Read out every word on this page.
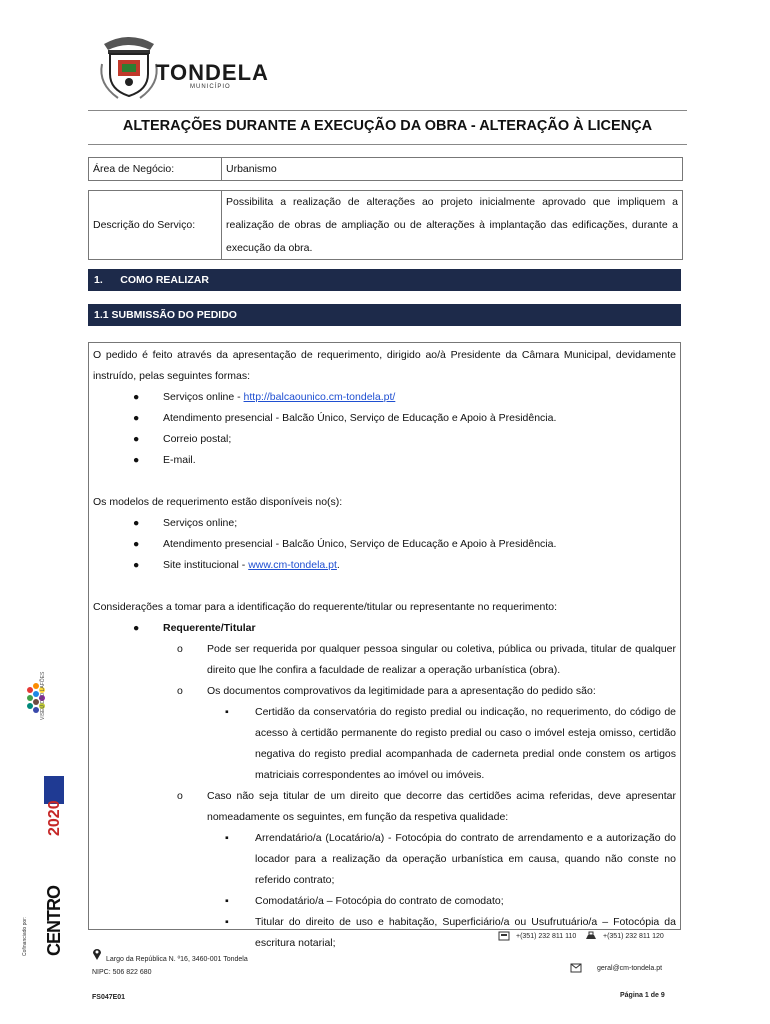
TONDELA
MUNICÍPIO
ALTERAÇÕES DURANTE A EXECUÇÃO DA OBRA - ALTERAÇÃO À LICENÇA
Área de Negócio:	Urbanismo
Descrição do Serviço:
Possibilita a realização de alterações ao projeto inicialmente aprovado que impliquem a realização de obras de ampliação ou de alterações à implantação das edificações, durante a execução da obra.
1.      COMO REALIZAR
1.1 SUBMISSÃO DO PEDIDO
O pedido é feito através da apresentação de requerimento, dirigido ao/à Presidente da Câmara Municipal, devidamente instruído, pelas seguintes formas:
●	Serviços online - http://balcaounico.cm-tondela.pt/
●	Atendimento presencial - Balcão Único, Serviço de Educação e Apoio à Presidência.
●	Correio postal;
●	E-mail.
Os modelos de requerimento estão disponíveis no(s):
●	Serviços online;
●	Atendimento presencial - Balcão Único, Serviço de Educação e Apoio à Presidência.
●	Site institucional - www.cm-tondela.pt.
Considerações a tomar para a identificação do requerente/titular ou representante no requerimento:
●	Requerente/Titular
o	Pode ser requerida por qualquer pessoa singular ou coletiva, pública ou privada, titular de qualquer direito que lhe confira a faculdade de realizar a operação urbanística (obra).
o	Os documentos comprovativos da legitimidade para a apresentação do pedido são:
▪	Certidão da conservatória do registo predial ou indicação, no requerimento, do código de acesso à certidão permanente do registo predial ou caso o imóvel esteja omisso, certidão negativa do registo predial acompanhada de caderneta predial onde constem os artigos matriciais correspondentes ao imóvel ou imóveis.
o	Caso não seja titular de um direito que decorre das certidões acima referidas, deve apresentar nomeadamente os seguintes, em função da respetiva qualidade:
▪	Arrendatário/a (Locatário/a) - Fotocópia do contrato de arrendamento e a autorização do locador para a realização da operação urbanística em causa, quando não conste no referido contrato;
▪	Comodatário/a – Fotocópia do contrato de comodato;
▪	Titular do direito de uso e habitação, Superficiário/a ou Usufrutuário/a – Fotocópia da escritura notarial;
VISEU DÃO LAFÕES
2020
CENTRO
Cofinanciado por:	+(351) 232 811 110	+(351) 232 811 120
Largo da República N. º16, 3460-001 Tondela
NIPC: 506 822 680
geral@cm-tondela.pt
FS047E01	Página 1 de 9
